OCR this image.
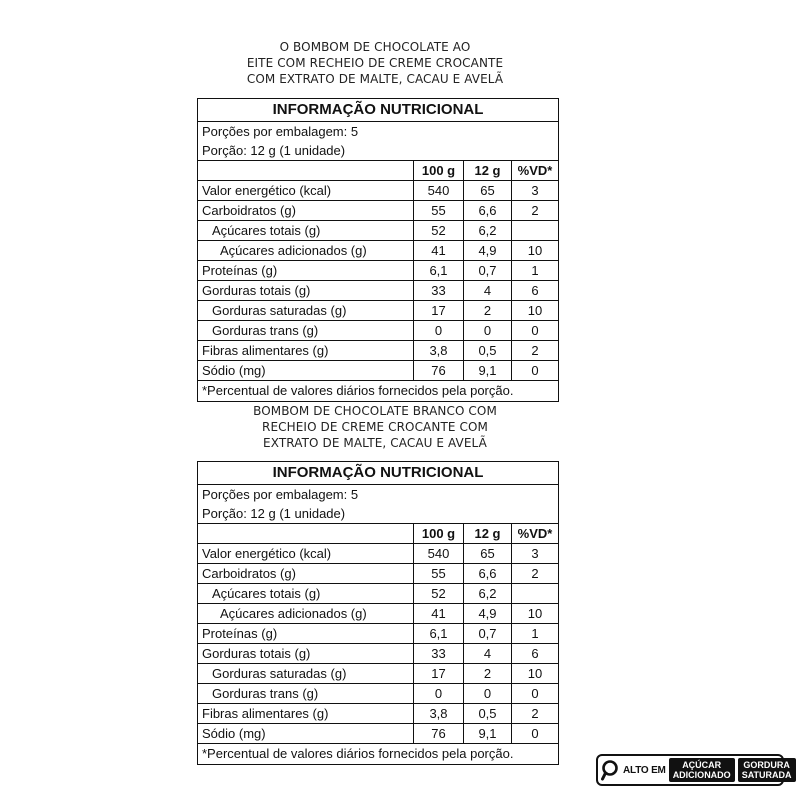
O BOMBOM DE CHOCOLATE AO
EITE COM RECHEIO DE CREME CROCANTE
COM EXTRATO DE MALTE, CACAU E AVELÃ
INFORMAÇÃO NUTRICIONAL
Porções por embalagem: 5
Porção: 12 g (1 unidade)
100 g	12 g	%VD*
Valor energético (kcal)	540	65	3
Carboidratos (g)	55	6,6	2
Açúcares totais (g)	52	6,2
Açúcares adicionados (g)	41	4,9	10
Proteínas (g)	6,1	0,7	1
Gorduras totais (g)	33	4	6
Gorduras saturadas (g)	17	2	10
Gorduras trans (g)	0	0	0
Fibras alimentares (g)	3,8	0,5	2
Sódio (mg)	76	9,1	0
*Percentual de valores diários fornecidos pela porção.
BOMBOM DE CHOCOLATE BRANCO COM
RECHEIO DE CREME CROCANTE COM
EXTRATO DE MALTE, CACAU E AVELÃ
INFORMAÇÃO NUTRICIONAL
Porções por embalagem: 5
Porção: 12 g (1 unidade)
100 g	12 g	%VD*
Valor energético (kcal)	540	65	3
Carboidratos (g)	55	6,6	2
Açúcares totais (g)	52	6,2
Açúcares adicionados (g)	41	4,9	10
Proteínas (g)	6,1	0,7	1
Gorduras totais (g)	33	4	6
Gorduras saturadas (g)	17	2	10
Gorduras trans (g)	0	0	0
Fibras alimentares (g)	3,8	0,5	2
Sódio (mg)	76	9,1	0
*Percentual de valores diários fornecidos pela porção.
ALTO EM AÇÚCAR
ADICIONADO
GORDURA
SATURADA
